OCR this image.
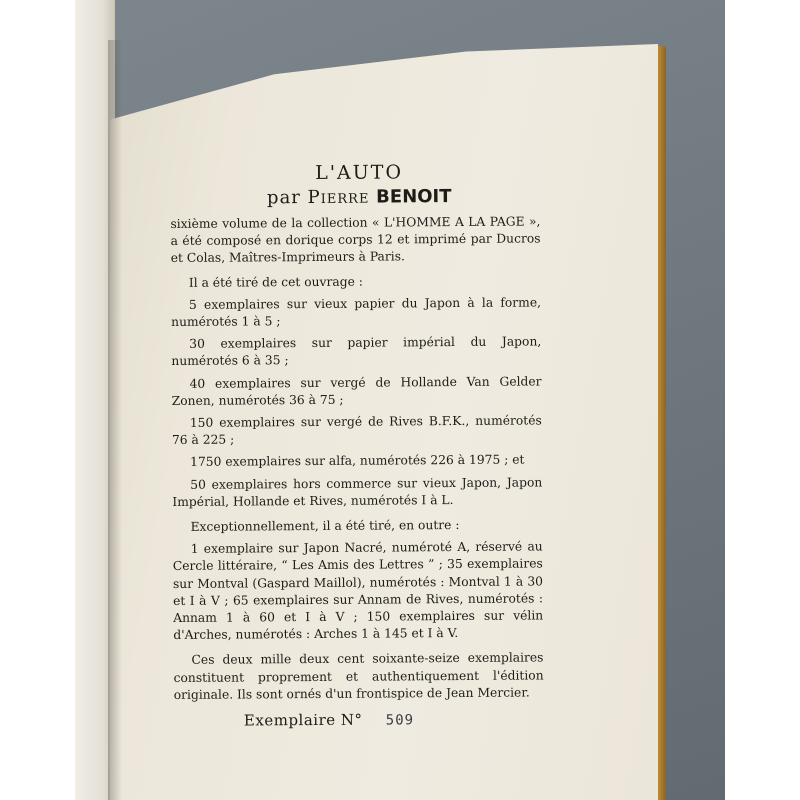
L'AUTO
par Pierre BENOIT

sixième volume de la collection « L'HOMME A LA PAGE », a été composé en dorique corps 12 et imprimé par Ducros et Colas, Maîtres-Imprimeurs à Paris.

Il a été tiré de cet ouvrage :

5 exemplaires sur vieux papier du Japon à la forme, numérotés 1 à 5 ;

30 exemplaires sur papier impérial du Japon, numérotés 6 à 35 ;

40 exemplaires sur vergé de Hollande Van Gelder Zonen, numérotés 36 à 75 ;

150 exemplaires sur vergé de Rives B.F.K., numérotés 76 à 225 ;

1750 exemplaires sur alfa, numérotés 226 à 1975 ; et

50 exemplaires hors commerce sur vieux Japon, Japon Impérial, Hollande et Rives, numérotés I à L.

Exceptionnellement, il a été tiré, en outre :

1 exemplaire sur Japon Nacré, numéroté A, réservé au Cercle littéraire, “ Les Amis des Lettres ” ; 35 exemplaires sur Montval (Gaspard Maillol), numérotés : Montval 1 à 30 et I à V ; 65 exemplaires sur Annam de Rives, numérotés : Annam 1 à 60 et I à V ; 150 exemplaires sur vélin d'Arches, numérotés : Arches 1 à 145 et I à V.

Ces deux mille deux cent soixante-seize exemplaires constituent proprement et authentiquement l'édition originale. Ils sont ornés d'un frontispice de Jean Mercier.

Exemplaire N° 509
